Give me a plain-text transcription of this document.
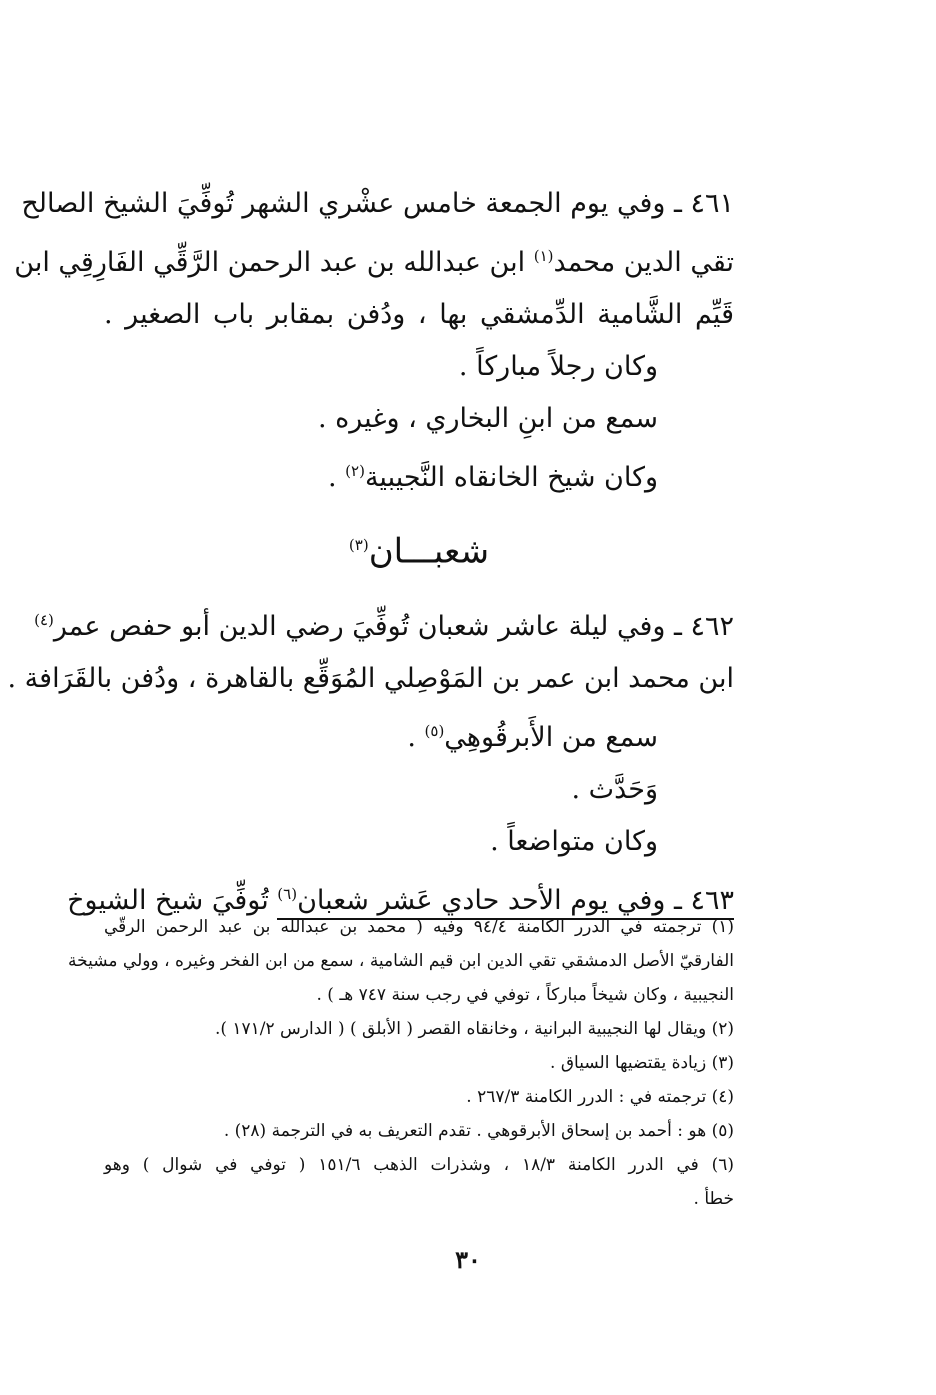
٤٦١ ـ وفي يوم الجمعة خامس عشْري الشهر تُوفِّيَ الشيخ الصالح
تقي الدين محمد$^{(١)}$ ابن عبدالله بن عبد الرحمن الرَّقِّي الفَارِقِي ابن
قَيِّم الشَّامية الدِّمشقي بها ، ودُفن بمقابر باب الصغير .
وكان رجلاً مباركاً .
سمع من ابنِ البخاري ، وغيره .
وكان شيخ الخانقاه النَّجيبية$^{(٢)}$ .
شعبـــان$^{(٣)}$
٤٦٢ ـ وفي ليلة عاشر شعبان تُوفِّيَ رضي الدين أبو حفص عمر$^{(٤)}$
ابن محمد ابن عمر بن المَوْصِلي المُوَقِّع بالقاهرة ، ودُفن بالقَرَافة .
سمع من الأَبرقُوهِي$^{(٥)}$ .
وَحَدَّث .
وكان متواضعاً .
٤٦٣ ـ وفي يوم الأحد حادي عَشر شعبان$^{(٦)}$ تُوفِّيَ شيخ الشيوخ
(١) ترجمته في الدرر الكامنة ٩٤/٤ وفيه ( محمد بن عبدالله بن عبد الرحمن الرقّي
الفارقيّ الأصل الدمشقي تقي الدين ابن قيم الشامية ، سمع من ابن الفخر وغيره ، وولي مشيخة
النجيبية ، وكان شيخاً مباركاً ، توفي في رجب سنة ٧٤٧ هـ ) .
(٢) ويقال لها النجيبية البرانية ، وخانقاه القصر ( الأبلق ) ( الدارس ١٧١/٢ ).
(٣) زيادة يقتضيها السياق .
(٤) ترجمته في : الدرر الكامنة ٢٦٧/٣ .
(٥) هو : أحمد بن إسحاق الأبرقوهي . تقدم التعريف به في الترجمة (٢٨) .
(٦) في الدرر الكامنة ١٨/٣ ، وشذرات الذهب ١٥١/٦ ( توفي في شوال ) وهو
خطأ .
٣٠
